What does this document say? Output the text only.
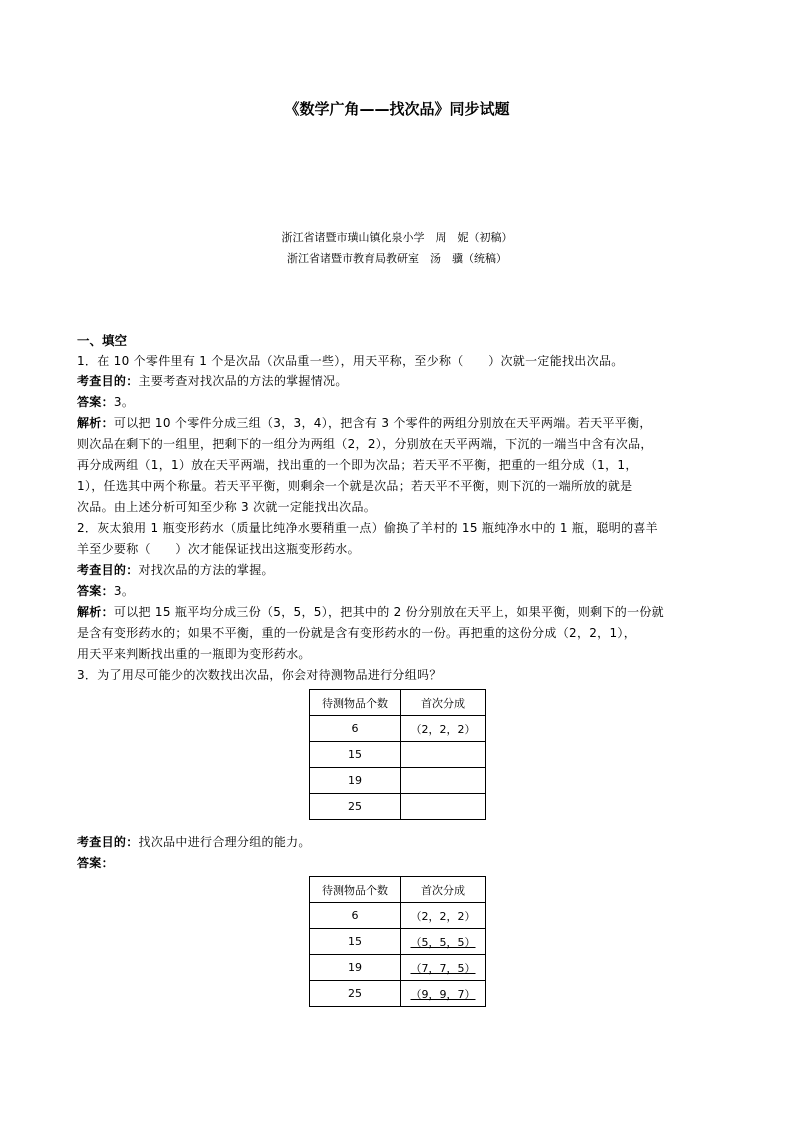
《数学广角——找次品》同步试题
浙江省诸暨市璜山镇化泉小学　周　妮（初稿）
浙江省诸暨市教育局教研室　汤　骥（统稿）
一、填空
1．在 10 个零件里有 1 个是次品（次品重一些），用天平称，至少称（　　）次就一定能找出次品。
考查目的：主要考查对找次品的方法的掌握情况。
答案：3。
解析：可以把 10 个零件分成三组（3，3，4），把含有 3 个零件的两组分别放在天平两端。若天平平衡，
则次品在剩下的一组里，把剩下的一组分为两组（2，2），分别放在天平两端，下沉的一端当中含有次品，
再分成两组（1，1）放在天平两端，找出重的一个即为次品；若天平不平衡，把重的一组分成（1，1，
1），任选其中两个称量。若天平平衡，则剩余一个就是次品；若天平不平衡，则下沉的一端所放的就是
次品。由上述分析可知至少称 3 次就一定能找出次品。
2．灰太狼用 1 瓶变形药水（质量比纯净水要稍重一点）偷换了羊村的 15 瓶纯净水中的 1 瓶，聪明的喜羊
羊至少要称（　　）次才能保证找出这瓶变形药水。
考查目的：对找次品的方法的掌握。
答案：3。
解析：可以把 15 瓶平均分成三份（5，5，5），把其中的 2 份分别放在天平上，如果平衡，则剩下的一份就
是含有变形药水的；如果不平衡，重的一份就是含有变形药水的一份。再把重的这份分成（2，2，1），
用天平来判断找出重的一瓶即为变形药水。
3．为了用尽可能少的次数找出次品，你会对待测物品进行分组吗？
待测物品个数	首次分成
6	（2，2，2）
15	
19	
25	
考查目的：找次品中进行合理分组的能力。
答案：
待测物品个数	首次分成
6	（2，2，2）
15	（5，5，5）
19	（7，7，5）
25	（9，9，7）
